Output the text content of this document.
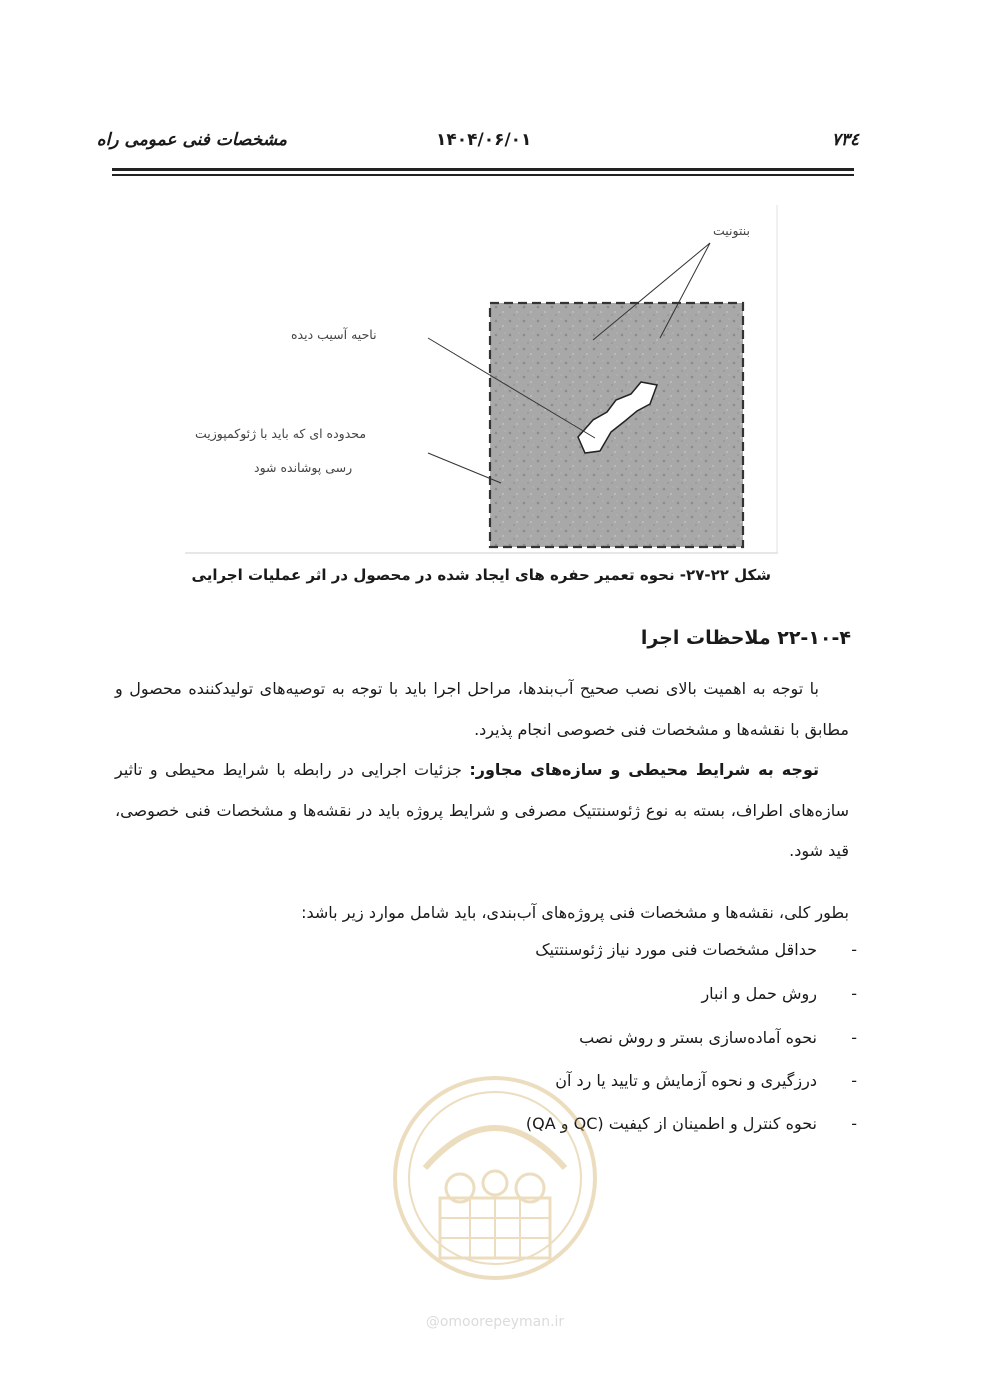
مشخصات فنی عمومی راه	۱۴۰۴/۰۶/۰۱	۷۳٤
بنتونیت
ناحیه آسیب دیده
محدوده ای که باید با ژئوکمپوزیت
رسی پوشانده شود
شکل ۲۲-۲۷- نحوه تعمیر حفره های ایجاد شده در محصول در اثر عملیات اجرایی
۲۲-۱۰-۴ ملاحظات اجرا
با توجه به اهمیت بالای نصب صحیح آب‌بندها، مراحل اجرا باید با توجه به توصیه‌های تولیدکننده محصول و مطابق با نقشه‌ها و مشخصات فنی خصوصی انجام پذیرد.
توجه به شرایط محیطی و سازه‌های مجاور: جزئیات اجرایی در رابطه با شرایط محیطی و تاثیر سازه‌های اطراف، بسته به نوع ژئوسنتتیک مصرفی و شرایط پروژه باید در نقشه‌ها و مشخصات فنی خصوصی، قید شود.
بطور کلی، نقشه‌ها و مشخصات فنی پروژه‌های آب‌بندی، باید شامل موارد زیر باشد:
-حداقل مشخصات فنی مورد نیاز ژئوسنتتیک
-روش حمل و انبار
-نحوه آماده‌سازی بستر و روش نصب
-درزگیری و نحوه آزمایش و تایید یا رد آن
-نحوه کنترل و اطمینان از کیفیت (QC و QA)
@omoorepeyman.ir
